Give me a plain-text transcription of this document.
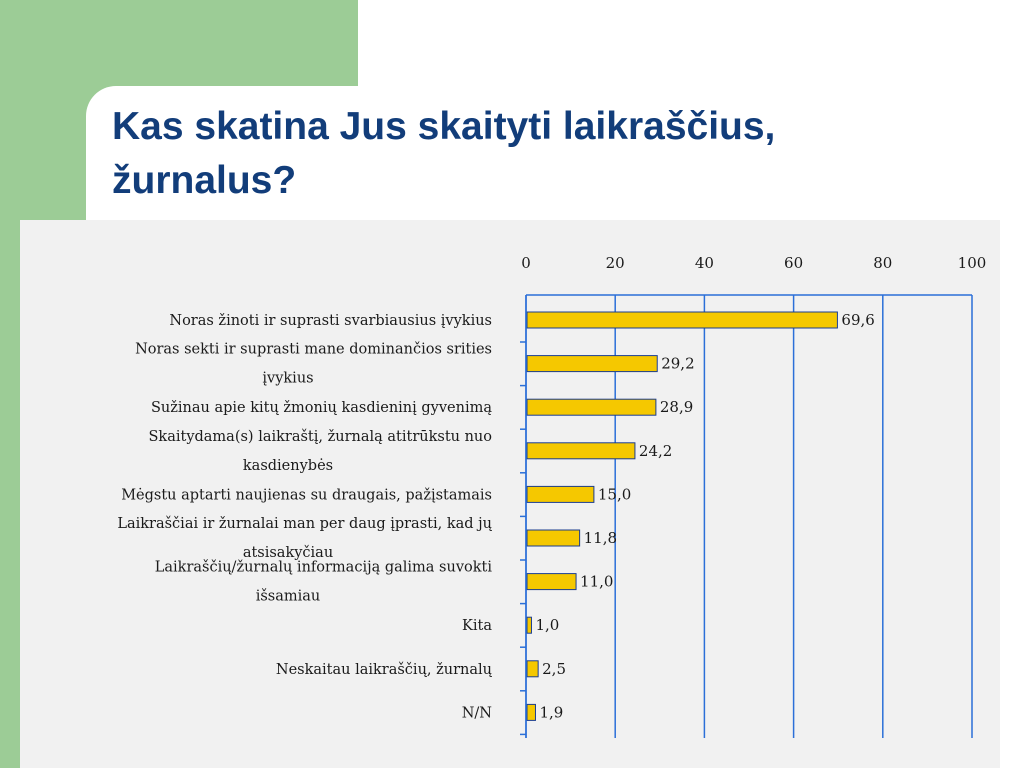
Kas skatina Jus skaityti laikraščius,
žurnalus?
0	20	40	60	80	100
69,6
Noras žinoti ir suprasti svarbiausius įvykius
29,2
Noras sekti ir suprasti mane dominančios srities
įvykius
28,9
Sužinau apie kitų žmonių kasdieninį gyvenimą
24,2
Skaitydama(s) laikraštį, žurnalą atitrūkstu nuo
kasdienybės
15,0
Mėgstu aptarti naujienas su draugais, pažįstamais
11,8
Laikraščiai ir žurnalai man per daug įprasti, kad jų
atsisakyčiau
11,0
Laikraščių/žurnalų informaciją galima suvokti
išsamiau
1,0
Kita
2,5
Neskaitau laikraščių, žurnalų
1,9
N/N
